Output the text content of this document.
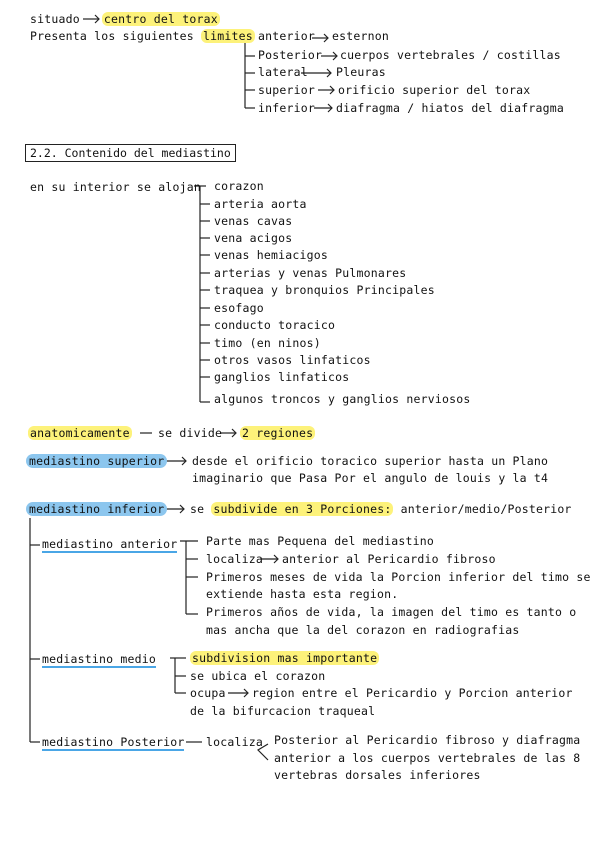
situado centro del torax
Presenta los siguientes limites anterior esternon
Posterior cuerpos vertebrales / costillas
lateral Pleuras
superior orificio superior del torax
inferior diafragma / hiatos del diafragma
2.2. Contenido del mediastino
en su interior se alojan corazon
arteria aorta
venas cavas
vena acigos
venas hemiacigos
arterias y venas Pulmonares
traquea y bronquios Principales
esofago
conducto toracico
timo (en ninos)
otros vasos linfaticos
ganglios linfaticos
algunos troncos y ganglios nerviosos
anatomicamente se divide 2 regiones
mediastino superior desde el orificio toracico superior hasta un Plano
imaginario que Pasa Por el angulo de louis y la t4
mediastino inferior se subdivide en 3 Porciones: anterior/medio/Posterior
mediastino anterior Parte mas Pequena del mediastino
localiza anterior al Pericardio fibroso
Primeros meses de vida la Porcion inferior del timo se
extiende hasta esta region.
Primeros años de vida, la imagen del timo es tanto o
mas ancha que la del corazon en radiografias
mediastino medio	subdivision mas importante
se ubica el corazon
ocupa region entre el Pericardio y Porcion anterior
de la bifurcacion traqueal
mediastino Posterior localiza Posterior al Pericardio fibroso y diafragma
anterior a los cuerpos vertebrales de las 8
vertebras dorsales inferiores
